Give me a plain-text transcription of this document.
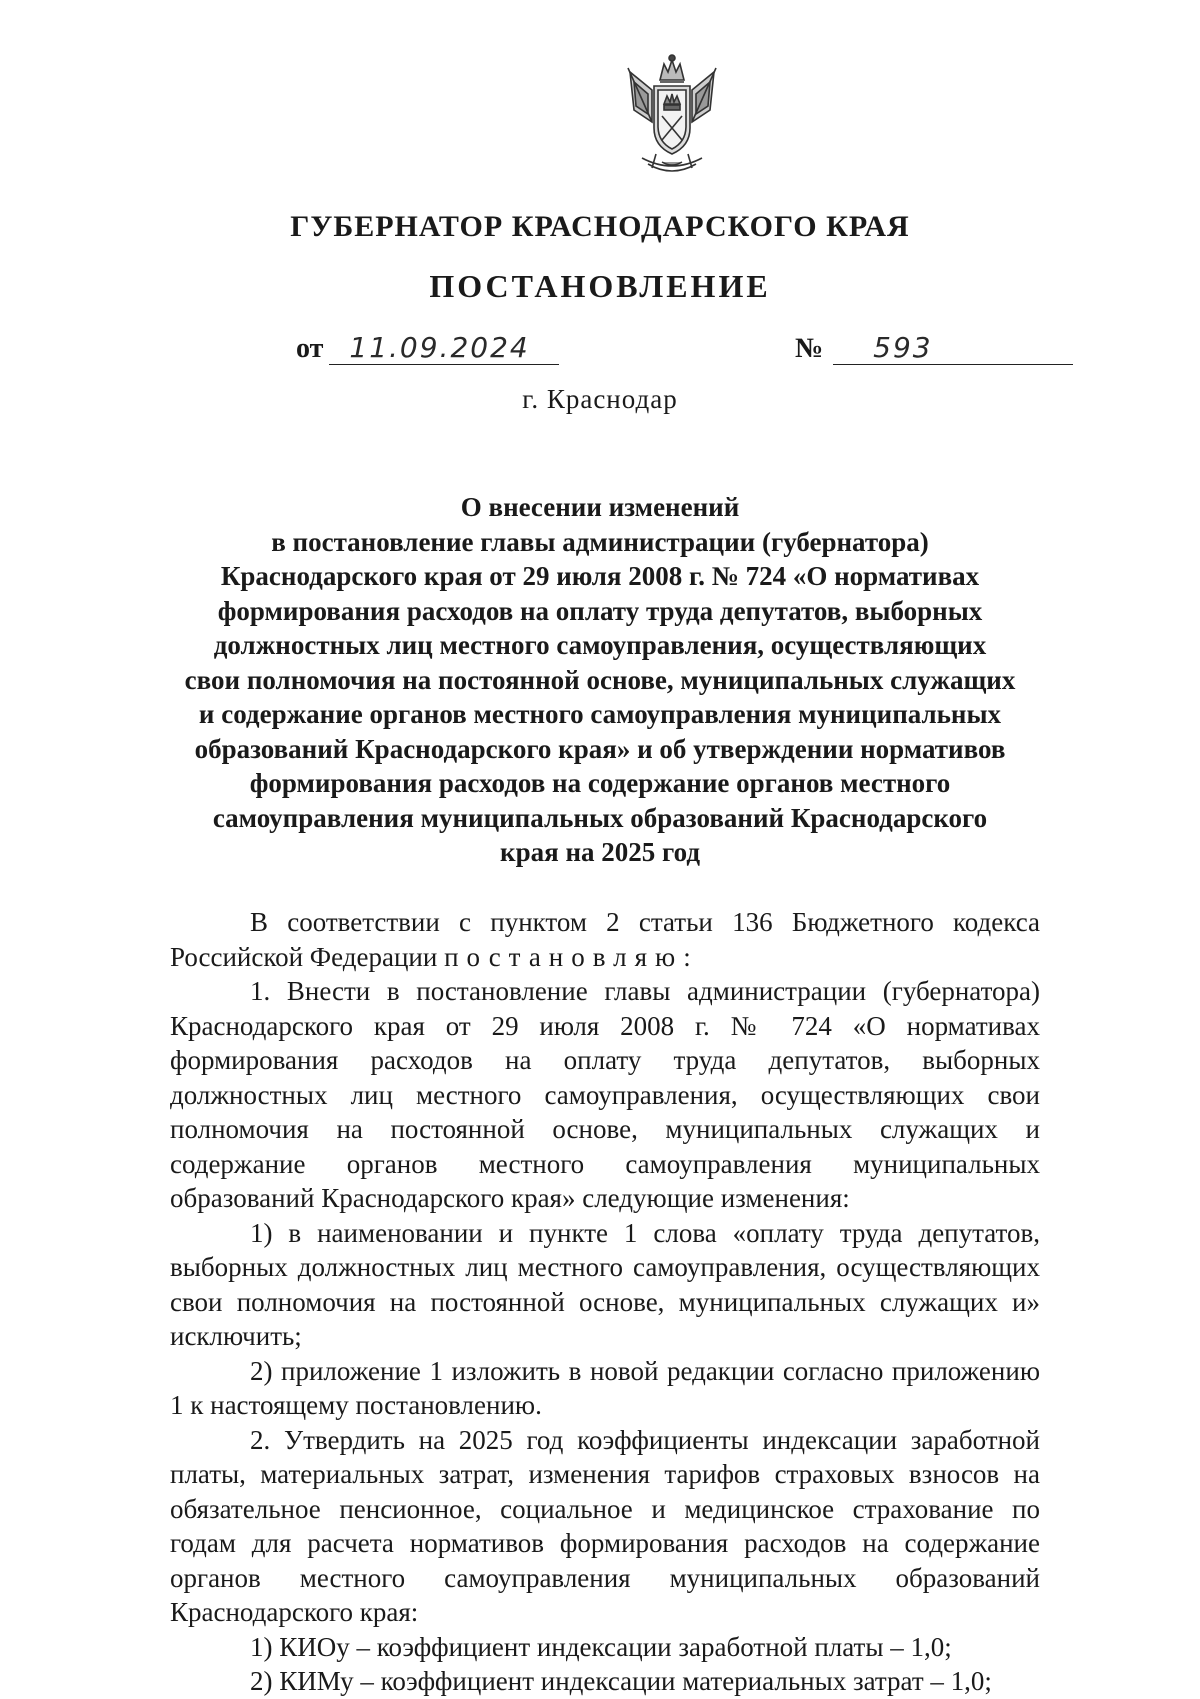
ГУБЕРНАТОР КРАСНОДАРСКОГО КРАЯ
ПОСТАНОВЛЕНИЕ
от 11.09.2024	№	593
г. Краснодар
О внесении изменений
в постановление главы администрации (губернатора)
Краснодарского края от 29 июля 2008 г. № 724 «О нормативах
формирования расходов на оплату труда депутатов, выборных
должностных лиц местного самоуправления, осуществляющих
свои полномочия на постоянной основе, муниципальных служащих
и содержание органов местного самоуправления муниципальных
образований Краснодарского края» и об утверждении нормативов
формирования расходов на содержание органов местного
самоуправления муниципальных образований Краснодарского
края на 2025 год

В соответствии с пунктом 2 статьи 136 Бюджетного кодекса Российской Федерации постановляю:

1. Внести в постановление главы администрации (губернатора) Краснодарского края от 29 июля 2008 г. № 724 «О нормативах формирования расходов на оплату труда депутатов, выборных должностных лиц местного самоуправления, осуществляющих свои полномочия на постоянной основе, муниципальных служащих и содержание органов местного самоуправления муниципальных образований Краснодарского края» следующие изменения:

1) в наименовании и пункте 1 слова «оплату труда депутатов, выборных должностных лиц местного самоуправления, осуществляющих свои полномочия на постоянной основе, муниципальных служащих и» исключить;

2) приложение 1 изложить в новой редакции согласно приложению 1 к настоящему постановлению.

2. Утвердить на 2025 год коэффициенты индексации заработной платы, материальных затрат, изменения тарифов страховых взносов на обязательное пенсионное, социальное и медицинское страхование по годам для расчета нормативов формирования расходов на содержание органов местного самоуправления муниципальных образований Краснодарского края:

1) КИОу – коэффициент индексации заработной платы – 1,0;

2) КИМу – коэффициент индексации материальных затрат – 1,0;
